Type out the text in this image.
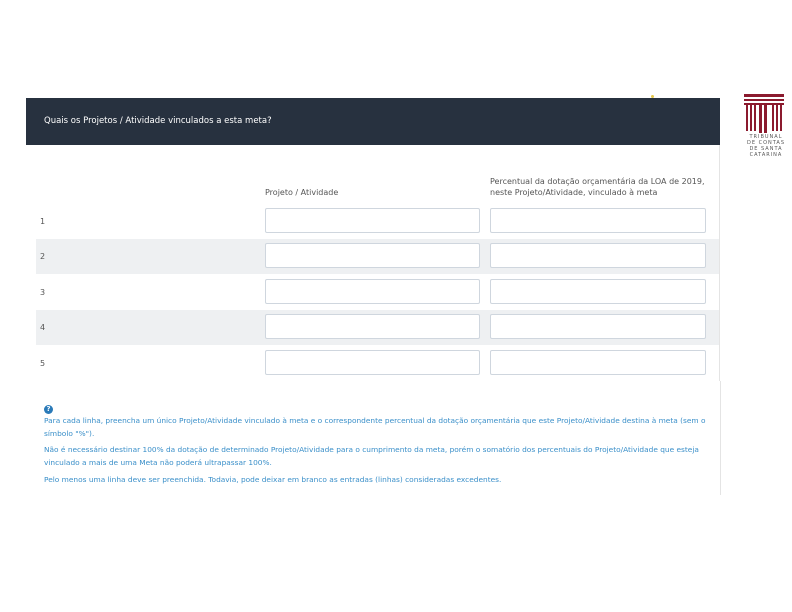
Quais os Projetos / Atividade vinculados a esta meta?
Projeto / Atividade
Percentual da dotação orçamentária da LOA de 2019, neste Projeto/Atividade, vinculado à meta
1
2
3
4
5
?

Para cada linha, preencha um único Projeto/Atividade vinculado à meta e o correspondente percentual da dotação orçamentária que este Projeto/Atividade destina à meta (sem o símbolo "%").

Não é necessário destinar 100% da dotação de determinado Projeto/Atividade para o cumprimento da meta, porém o somatório dos percentuais do Projeto/Atividade que esteja vinculado a mais de uma Meta não poderá ultrapassar 100%.

Pelo menos uma linha deve ser preenchida. Todavia, pode deixar em branco as entradas (linhas) consideradas excedentes.

TRIBUNAL DE CONTAS DE SANTA CATARINA
